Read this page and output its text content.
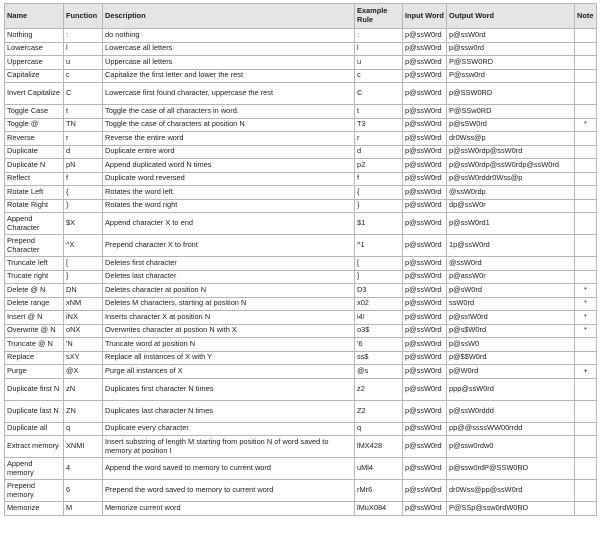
Name	Function	Description	Example Rule	Input Word	Output Word	Note
Nothing	:	do nothing	:	p@ssW0rd	p@ssW0rd	
Lowercase	l	Lowercase all letters	l	p@ssW0rd	p@ssw0rd	
Uppercase	u	Uppercase all letters	u	p@ssW0rd	P@SSW0RD	
Capitalize	c	Capitalize the first letter and lower the rest	c	p@ssW0rd	P@ssw0rd	
Invert Capitalize	C	Lowercase first found character, uppercase the rest	C	p@ssW0rd	p@SSW0RD	
Toggle Case	t	Toggle the case of all characters in word.	t	p@ssW0rd	P@SSw0RD	
Toggle @	TN	Toggle the case of characters at position N	T3	p@ssW0rd	p@sSW0rd	*
Reverse	r	Reverse the entire word	r	p@ssW0rd	dr0Wss@p	
Duplicate	d	Duplicate entire word	d	p@ssW0rd	p@ssW0rdp@ssW0rd	
Duplicate N	pN	Append duplicated word N times	p2	p@ssW0rd	p@ssW0rdp@ssW0rdp@ssW0rd	
Reflect	f	Duplicate word reversed	f	p@ssW0rd	p@ssW0rddr0Wss@p	
Rotate Left	{	Rotates the word left.	{	p@ssW0rd	@ssW0rdp	
Rotate Right	}	Rotates the word right	}	p@ssW0rd	dp@ssW0r	
Append Character	$X	Append character X to end	$1	p@ssW0rd	p@ssW0rd1	
Prepend Character	^X	Prepend character X to front	^1	p@ssW0rd	1p@ssW0rd	
Truncate left	[	Deletes first character	[	p@ssW0rd	@ssW0rd	
Trucate right	]	Deletes last character	]	p@ssW0rd	p@assW0r	
Delete @ N	DN	Deletes character at position N	D3	p@ssW0rd	p@sW0rd	*
Delete range	xNM	Deletes M characters, starting at position N	x02	p@ssW0rd	ssW0rd	*
Insert @ N	iNX	Inserts character X at position N	i4!	p@ssW0rd	p@ss!W0rd	*
Overwrite @ N	oNX	Overwrites character at postion N with X	o3$	p@ssW0rd	p@s$W0rd	*
Truncate @ N	'N	Truncate word at position N	'6	p@ssW0rd	p@ssW0	
Replace	sXY	Replace all instances of X with Y	ss$	p@ssW0rd	p@$$W0rd	
Purge	@X	Purge all instances of X	@s	p@ssW0rd	p@W0rd	+
Duplicate first N	zN	Duplicates first character N times	z2	p@ssW0rd	ppp@ssW0rd	
Duplicate last N	ZN	Duplicates last character N times	Z2	p@ssW0rd	p@ssW0rddd	
Duplicate all	q	Duplicate every character	q	p@ssW0rd	pp@@ssssWW00rrdd	
Extract memory	XNMI	Insert substring of length M starting from position N of word saved to memory at position I	lMX428	p@ssW0rd	p@ssw0rdw0	
Append memory	4	Append the word saved to memory to current word	uMl4	p@ssW0rd	p@ssw0rdP@SSW0RD	
Prepend memory	6	Prepend the word saved to memory to current word	rMr6	p@ssW0rd	dr0Wss@pp@ssW0rd	
Memorize	M	Memorize current word	lMuX084	p@ssW0rd	P@SSp@ssw0rdW0RD	
